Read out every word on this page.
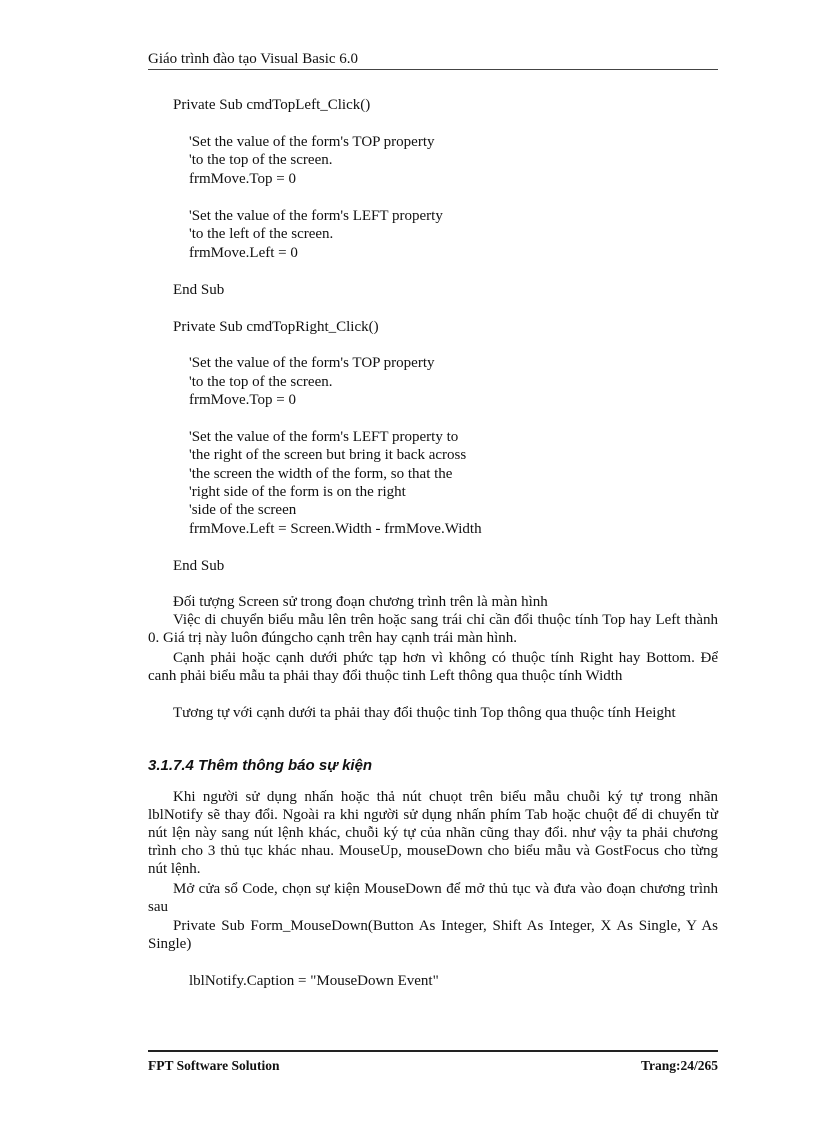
Giáo trình đào tạo Visual Basic 6.0
Private Sub cmdTopLeft_Click()
'Set the value of the form's TOP property
'to the top of the screen.
frmMove.Top = 0
'Set the value of the form's LEFT property
'to the left of the screen.
frmMove.Left = 0
End Sub
Private Sub cmdTopRight_Click()
'Set the value of the form's TOP property
'to the top of the screen.
frmMove.Top = 0
'Set the value of the form's LEFT property to
'the right of the screen but bring it back across
'the screen the width of the form, so that the
'right side of the form is on the right
'side of the screen
frmMove.Left = Screen.Width - frmMove.Width
End Sub
Đối tượng Screen sử trong đoạn chương trình trên là màn hình
Việc di chuyển biểu mẫu lên trên hoặc sang trái chỉ cần đổi thuộc tính Top hay Left thành 0. Giá trị này luôn đúngcho cạnh trên hay cạnh trái màn hình.
Cạnh phải hoặc cạnh dưới phức tạp hơn vì không có thuộc tính Right hay Bottom. Để canh phải biểu mẫu ta phải thay đổi thuộc tinh Left thông qua thuộc tính Width
Tương tự với cạnh dưới ta phải thay đổi thuộc tinh Top thông qua thuộc tính Height
3.1.7.4 Thêm thông báo sự kiện
Khi người sử dụng nhấn hoặc thả nút chuọt trên biểu mẫu chuỗi ký tự trong nhãn lblNotify sẽ thay đổi. Ngoài ra khi người sử dụng nhấn phím Tab hoặc chuột để di chuyển từ nút lện này sang nút lệnh khác, chuỗi ký tự của nhãn cũng thay đổi. như vậy ta phải chương trình cho 3 thủ tục khác nhau. MouseUp, mouseDown cho biểu mẫu và GostFocus cho từng nút lệnh.
Mở cửa sổ Code, chọn sự kiện MouseDown để mở thủ tục và đưa vào đoạn chương trình sau
Private Sub Form_MouseDown(Button As Integer, Shift As Integer, X As Single, Y As Single)
lblNotify.Caption = "MouseDown Event"
FPT Software Solution	Trang:24/265
